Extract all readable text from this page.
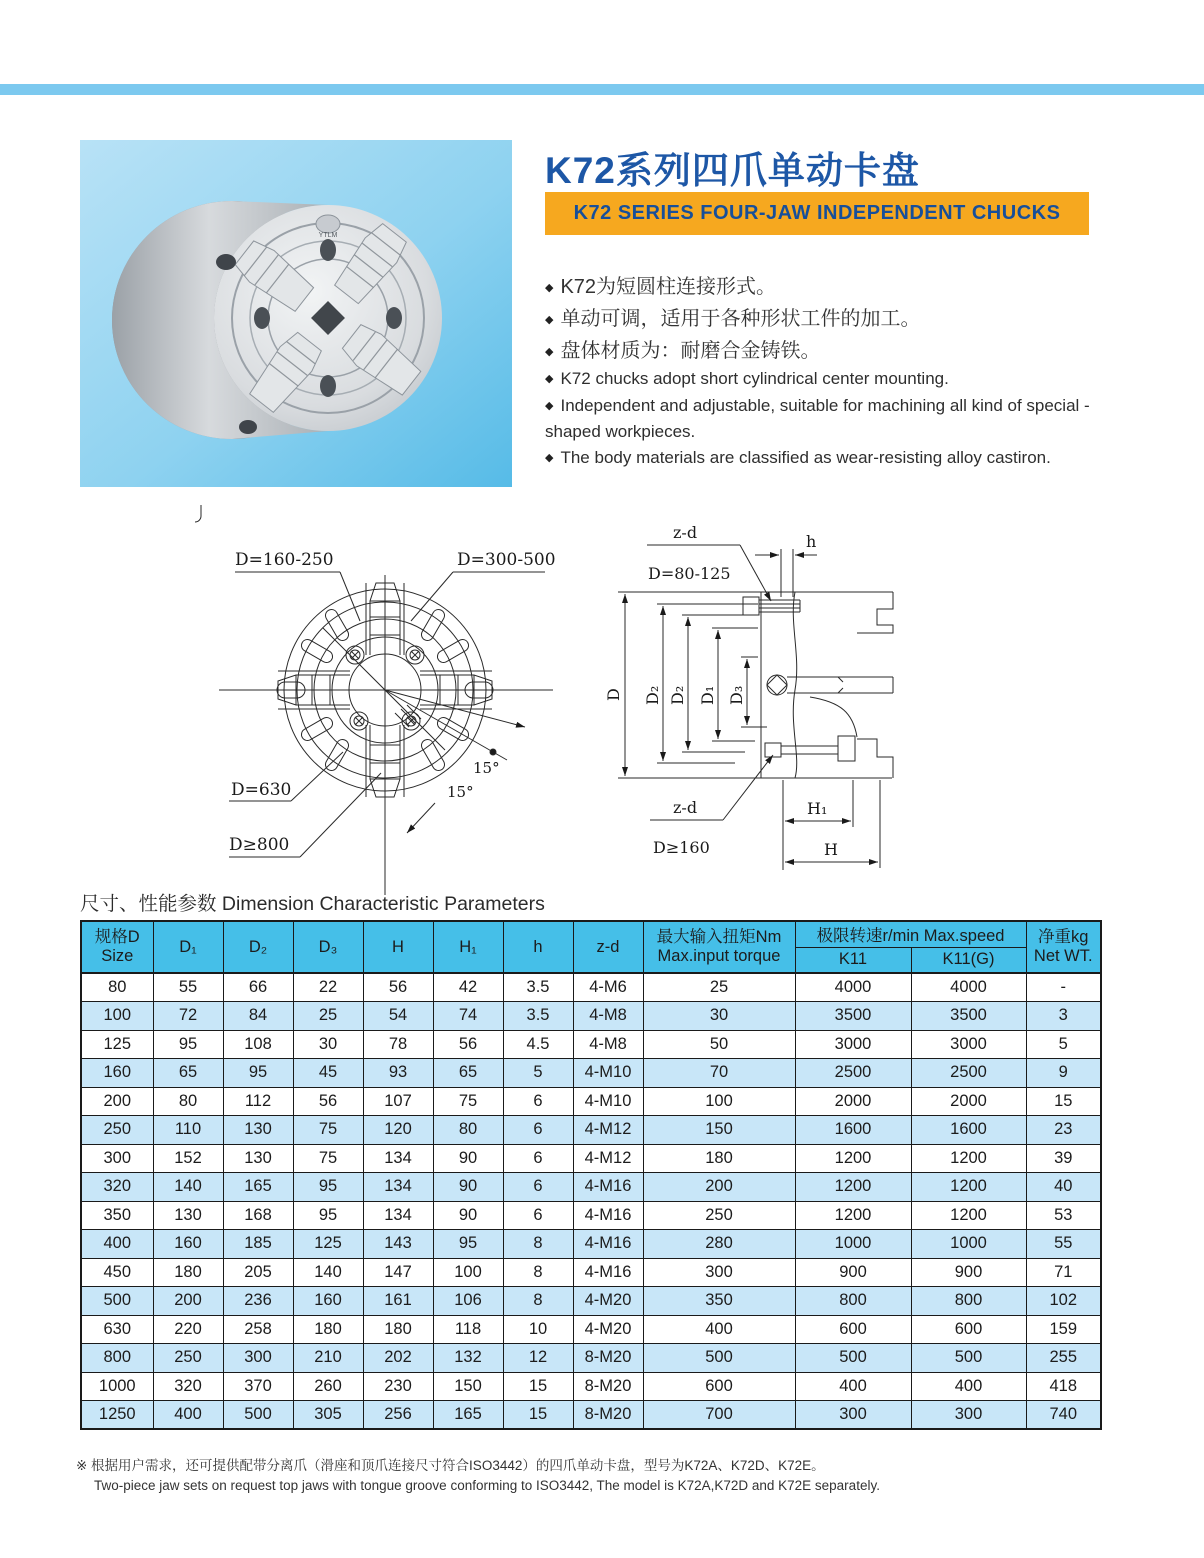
YTLM
K72系列四爪单动卡盘
K72 SERIES FOUR-JAW INDEPENDENT CHUCKS
◆ K72为短圆柱连接形式。
◆ 单动可调，适用于各种形状工件的加工。
◆ 盘体材质为：耐磨合金铸铁。
◆ K72 chucks adopt short cylindrical center mounting.
◆ Independent and adjustable, suitable for machining all kind of special -shaped workpieces.
◆ The body materials are classified as wear-resisting alloy castiron.
D=160-250	D=300-500
D=630
D≥800
15°
15°
z-d
D=80-125
h
D D₂ D₂ D₁ D₃
z-d
D≥160
H₁
H
尺寸、性能参数 Dimension Characteristic Parameters
规格D
Size
	D₁	D₂	D₃	H	H₁	h	z-d	
最大输入扭矩Nm
Max.input torque
	极限转速r/min Max.speed	净重kg
Net WT.

									K11	K11(G)	
80	55	66	22	56	42	3.5	4-M6	25	4000	4000	-
100	72	84	25	54	74	3.5	4-M8	30	3500	3500	3
125	95	108	30	78	56	4.5	4-M8	50	3000	3000	5
160	65	95	45	93	65	5	4-M10	70	2500	2500	9
200	80	112	56	107	75	6	4-M10	100	2000	2000	15
250	110	130	75	120	80	6	4-M12	150	1600	1600	23
300	152	130	75	134	90	6	4-M12	180	1200	1200	39
320	140	165	95	134	90	6	4-M16	200	1200	1200	40
350	130	168	95	134	90	6	4-M16	250	1200	1200	53
400	160	185	125	143	95	8	4-M16	280	1000	1000	55
450	180	205	140	147	100	8	4-M16	300	900	900	71
500	200	236	160	161	106	8	4-M20	350	800	800	102
630	220	258	180	180	118	10	4-M20	400	600	600	159
800	250	300	210	202	132	12	8-M20	500	500	500	255
1000	320	370	260	230	150	15	8-M20	600	400	400	418
1250	400	500	305	256	165	15	8-M20	700	300	300	740
※ 根据用户需求，还可提供配带分离爪（滑座和顶爪连接尺寸符合ISO3442）的四爪单动卡盘，型号为K72A、K72D、K72E。
Two-piece jaw sets on request top jaws with tongue groove conforming to ISO3442, The model is K72A,K72D and K72E separately.
